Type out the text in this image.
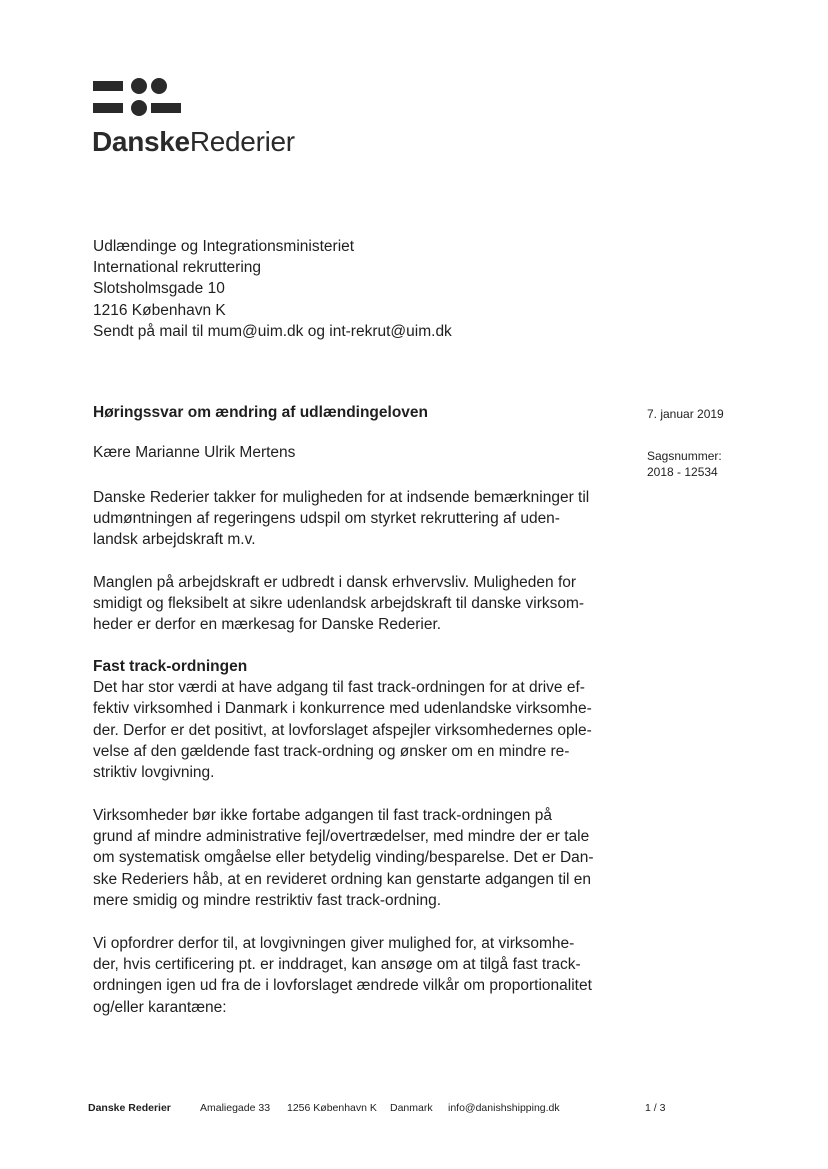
DanskeRederier
Udlændinge og Integrationsministeriet
International rekruttering
Slotsholmsgade 10
1216 København K
Sendt på mail til mum@uim.dk og int-rekrut@uim.dk
Høringssvar om ændring af udlændingeloven	7. januar 2019
Sagsnummer:
2018 - 12534
Kære Marianne Ulrik Mertens
Danske Rederier takker for muligheden for at indsende bemærkninger til
udmøntningen af regeringens udspil om styrket rekruttering af uden-
landsk arbejdskraft m.v.
Manglen på arbejdskraft er udbredt i dansk erhvervsliv. Muligheden for
smidigt og fleksibelt at sikre udenlandsk arbejdskraft til danske virksom-
heder er derfor en mærkesag for Danske Rederier.
Fast track-ordningen
Det har stor værdi at have adgang til fast track-ordningen for at drive ef-
fektiv virksomhed i Danmark i konkurrence med udenlandske virksomhe-
der. Derfor er det positivt, at lovforslaget afspejler virksomhedernes ople-
velse af den gældende fast track-ordning og ønsker om en mindre re-
striktiv lovgivning.
Virksomheder bør ikke fortabe adgangen til fast track-ordningen på
grund af mindre administrative fejl/overtrædelser, med mindre der er tale
om systematisk omgåelse eller betydelig vinding/besparelse. Det er Dan-
ske Rederiers håb, at en revideret ordning kan genstarte adgangen til en
mere smidig og mindre restriktiv fast track-ordning.
Vi opfordrer derfor til, at lovgivningen giver mulighed for, at virksomhe-
der, hvis certificering pt. er inddraget, kan ansøge om at tilgå fast track-
ordningen igen ud fra de i lovforslaget ændrede vilkår om proportionalitet
og/eller karantæne:
Danske Rederier	Amaliegade 33 1256 København K Danmark info@danishshipping.dk	1 / 3
